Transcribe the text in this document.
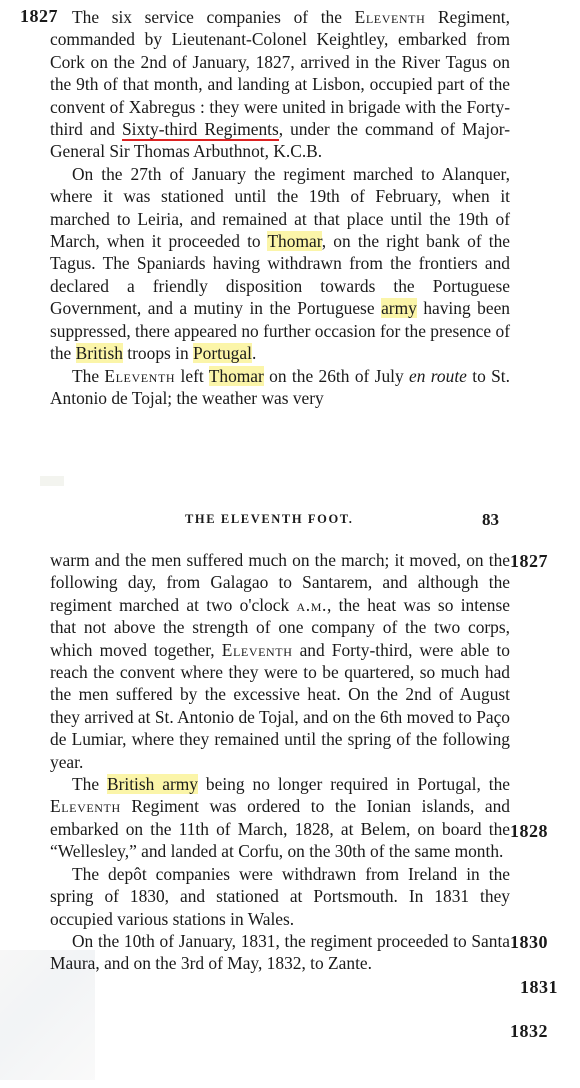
1827
1827
1828
1830
1831
1832

The six service companies of the Eleventh Regiment, commanded by Lieutenant-Colonel Keightley, embarked from Cork on the 2nd of January, 1827, arrived in the River Tagus on the 9th of that month, and landing at Lisbon, occupied part of the convent of Xabregus : they were united in brigade with the Forty-third and Sixty-third Regiments, under the command of Major-General Sir Thomas Arbuthnot, K.C.B.

On the 27th of January the regiment marched to Alanquer, where it was stationed until the 19th of February, when it marched to Leiria, and remained at that place until the 19th of March, when it proceeded to Thomar, on the right bank of the Tagus. The Spaniards having withdrawn from the frontiers and declared a friendly disposition towards the Portuguese Government, and a mutiny in the Portuguese army having been suppressed, there appeared no further occasion for the presence of the British troops in Portugal.

The Eleventh left Thomar on the 26th of July en route to St. Antonio de Tojal; the weather was very

THE ELEVENTH FOOT.	83

warm and the men suffered much on the march; it moved, on the following day, from Galagao to Santarem, and although the regiment marched at two o'clock a.m., the heat was so intense that not above the strength of one company of the two corps, which moved together, Eleventh and Forty-third, were able to reach the convent where they were to be quartered, so much had the men suffered by the excessive heat. On the 2nd of August they arrived at St. Antonio de Tojal, and on the 6th moved to Paço de Lumiar, where they remained until the spring of the following year.

The British army being no longer required in Portugal, the Eleventh Regiment was ordered to the Ionian islands, and embarked on the 11th of March, 1828, at Belem, on board the “Wellesley,” and landed at Corfu, on the 30th of the same month.

The depôt companies were withdrawn from Ireland in the spring of 1830, and stationed at Portsmouth. In 1831 they occupied various stations in Wales.

On the 10th of January, 1831, the regiment proceeded to Santa Maura, and on the 3rd of May, 1832, to Zante.
